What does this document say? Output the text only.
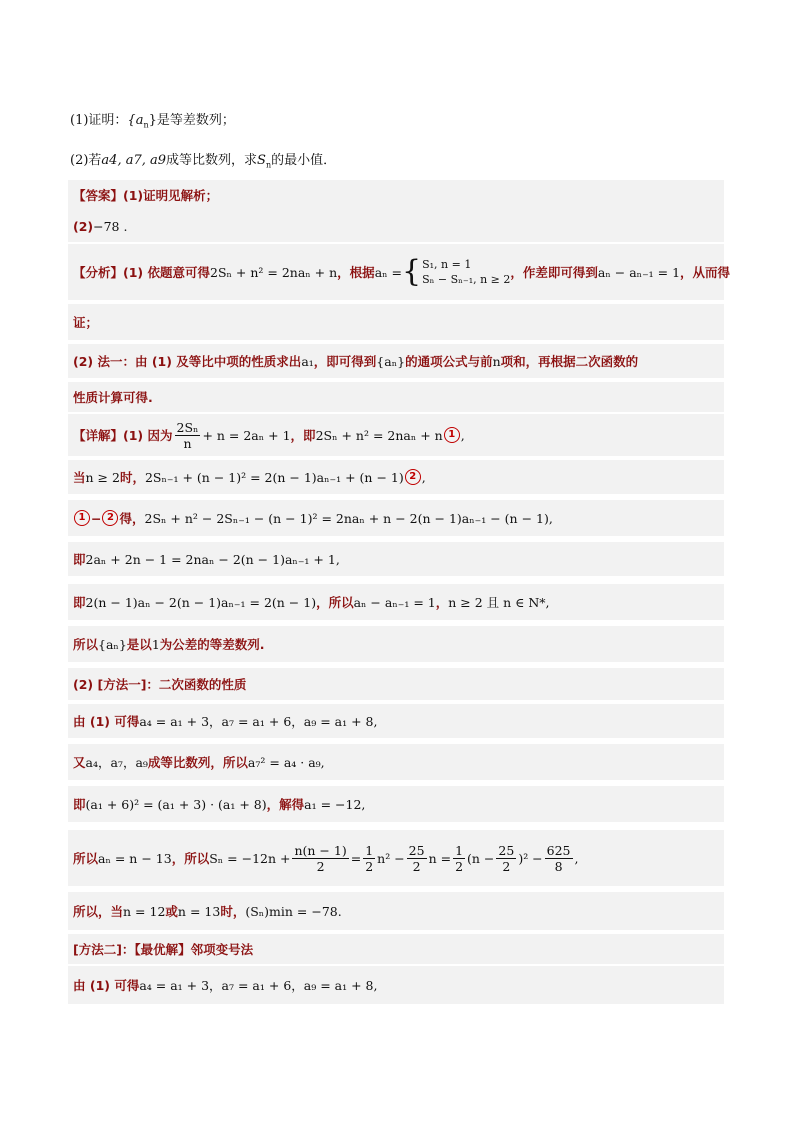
(1)证明：$\{a_n\}$是等差数列；
(2)若a4, a7, a9成等比数列，求$S_n$的最小值．
【答案】 (1)证明见解析；
(2) −78 .
【分析】 (1) 依题意可得 2Sₙ + n² = 2naₙ + n ，根据 aₙ = { S₁, n = 1
Sₙ − Sₙ₋₁, n ≥ 2 ，作差即可得到 aₙ − aₙ₋₁ = 1 ，从而得
证；
(2) 法一：由 (1) 及等比中项的性质求出 a₁ ，即可得到 {aₙ} 的通项公式与前 n 项和，再根据二次函数的
性质计算可得.
【详解】 (1) 因为 $\frac{\text{2Sₙ}}{n} + n = 2a_n + 1$ ，即 2Sₙ + n² = 2naₙ + n 1 ,
当 n ≥ 2 时， 2Sₙ₋₁ + (n − 1)² = 2(n − 1)aₙ₋₁ + (n − 1) 2 ,
1 − 2 得， 2Sₙ + n² − 2Sₙ₋₁ − (n − 1)² = 2naₙ + n − 2(n − 1)aₙ₋₁ − (n − 1) ,
即 2aₙ + 2n − 1 = 2naₙ − 2(n − 1)aₙ₋₁ + 1 ,
即 2(n − 1)aₙ − 2(n − 1)aₙ₋₁ = 2(n − 1) ，所以 aₙ − aₙ₋₁ = 1 ， n ≥ 2 且 n ∈ N* ,
所以 {aₙ} 是以 1 为公差的等差数列.
(2) [方法一]：二次函数的性质
由 (1) 可得 a₄ = a₁ + 3，a₇ = a₁ + 6，a₉ = a₁ + 8 ,
又 a₄，a₇，a₉ 成等比数列，所以 a₇² = a₄ · a₉ ,
即 (a₁ + 6)² = (a₁ + 3) · (a₁ + 8) ，解得 a₁ = −12 ,
所以 aₙ = n − 13 ，所以 $S_n = -12n + \frac{n(n - 1)}{2} = \frac{1}{2} n^2 - \frac{25}{2}$ $n = \frac{1}{2} (n - \frac{25}{2} )^2 - \frac{625}{8}$ ,
所以，当 n = 12 或 n = 13 时， (Sₙ)min = −78 .
[方法二]：【最优解】邻项变号法
由 (1) 可得 a₄ = a₁ + 3，a₇ = a₁ + 6，a₉ = a₁ + 8 ,
